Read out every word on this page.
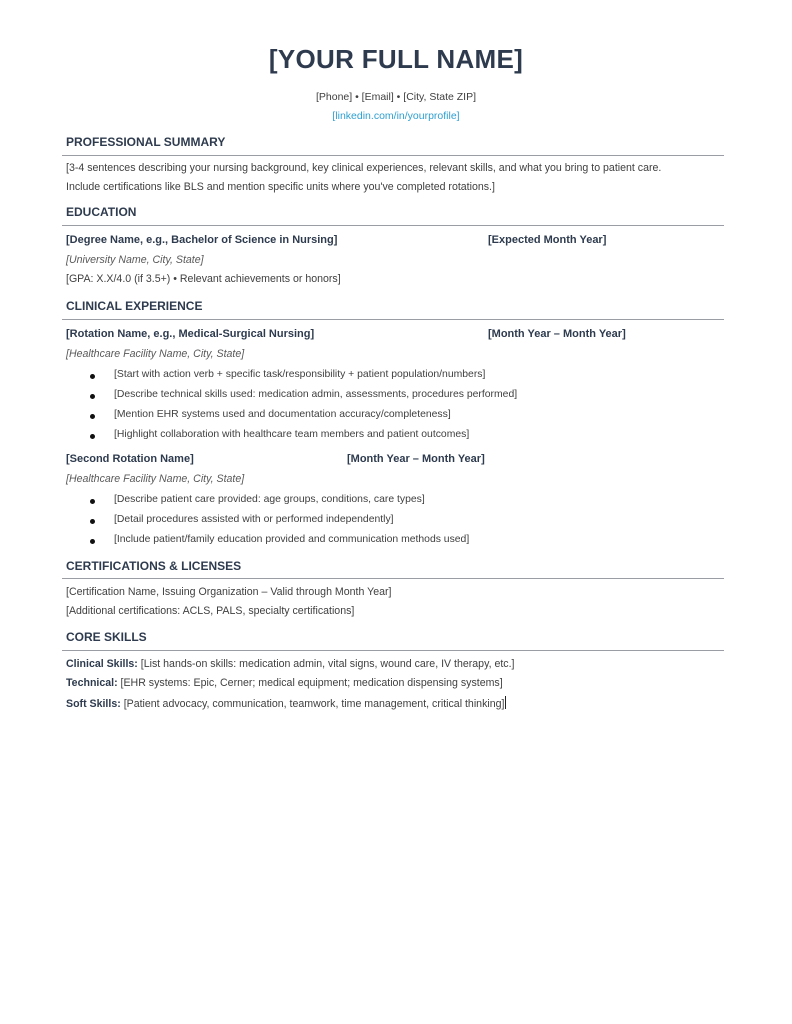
[YOUR FULL NAME]
[Phone] • [Email] • [City, State ZIP]
[linkedin.com/in/yourprofile]
PROFESSIONAL SUMMARY
[3-4 sentences describing your nursing background, key clinical experiences, relevant skills, and what you bring to patient care.
Include certifications like BLS and mention specific units where you've completed rotations.]
EDUCATION
[Degree Name, e.g., Bachelor of Science in Nursing]	[Expected Month Year]
[University Name, City, State]
[GPA: X.X/4.0 (if 3.5+) • Relevant achievements or honors]
CLINICAL EXPERIENCE
[Rotation Name, e.g., Medical-Surgical Nursing]	[Month Year – Month Year]
[Healthcare Facility Name, City, State]
[Start with action verb + specific task/responsibility + patient population/numbers]
[Describe technical skills used: medication admin, assessments, procedures performed]
[Mention EHR systems used and documentation accuracy/completeness]
[Highlight collaboration with healthcare team members and patient outcomes]
[Second Rotation Name]	[Month Year – Month Year]
[Healthcare Facility Name, City, State]
[Describe patient care provided: age groups, conditions, care types]
[Detail procedures assisted with or performed independently]
[Include patient/family education provided and communication methods used]
CERTIFICATIONS & LICENSES
[Certification Name, Issuing Organization – Valid through Month Year]
[Additional certifications: ACLS, PALS, specialty certifications]
CORE SKILLS
Clinical Skills: [List hands-on skills: medication admin, vital signs, wound care, IV therapy, etc.]
Technical: [EHR systems: Epic, Cerner; medical equipment; medication dispensing systems]
Soft Skills: [Patient advocacy, communication, teamwork, time management, critical thinking]
